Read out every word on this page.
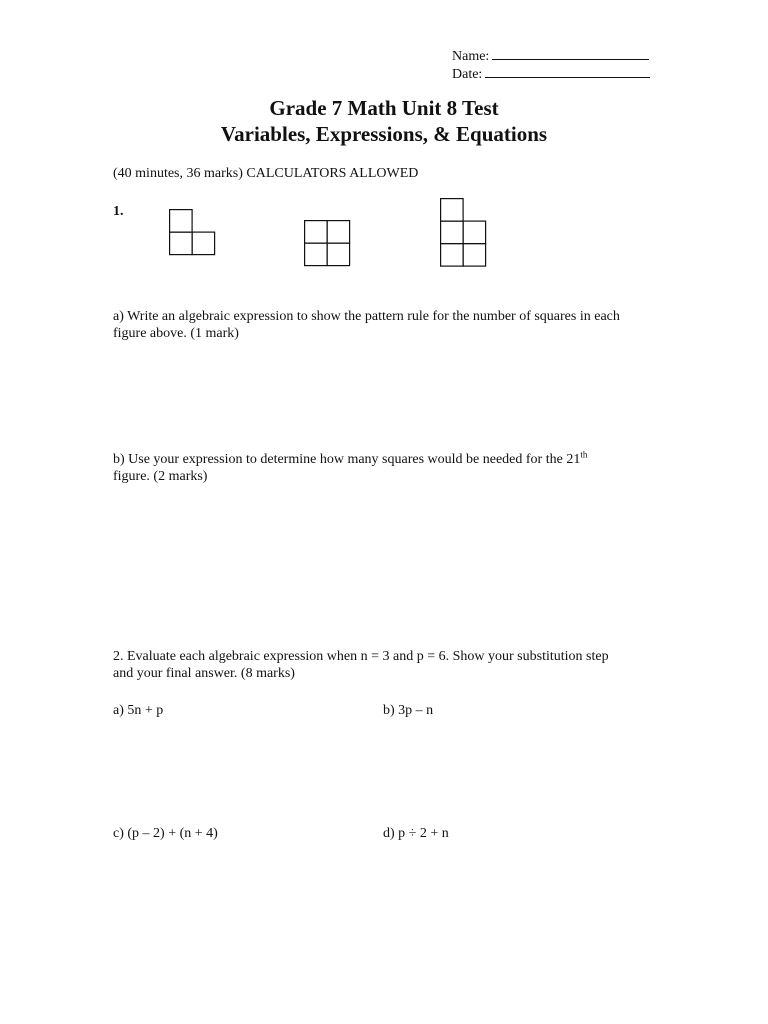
Name:
Date:
Grade 7 Math Unit 8 Test
Variables, Expressions, & Equations
(40 minutes, 36 marks) CALCULATORS ALLOWED
1.
a) Write an algebraic expression to show the pattern rule for the number of squares in each figure above. (1 mark)
b) Use your expression to determine how many squares would be needed for the 21th
figure. (2 marks)
2. Evaluate each algebraic expression when n = 3 and p = 6. Show your substitution step
and your final answer. (8 marks)
a) 5n + p	b) 3p – n
c) (p – 2) + (n + 4)	d) p ÷ 2 + n
